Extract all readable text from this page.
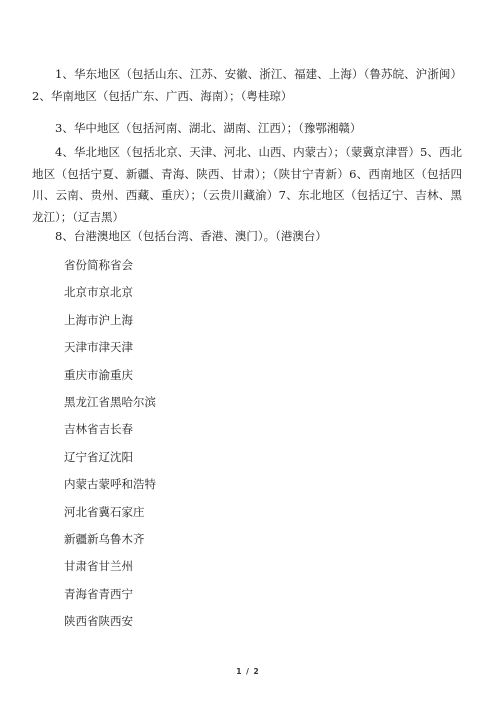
1、华东地区（包括山东、江苏、安徽、浙江、福建、上海）（鲁苏皖、沪浙闽）2、华南地区（包括广东、广西、海南）；（粤桂琼）

3、华中地区（包括河南、湖北、湖南、江西）；（豫鄂湘赣）

4、华北地区（包括北京、天津、河北、山西、内蒙古）；（蒙冀京津晋）5、西北地区（包括宁夏、新疆、青海、陕西、甘肃）；（陕甘宁青新）6、西南地区（包括四川、云南、贵州、西藏、重庆）；（云贵川藏渝）7、东北地区（包括辽宁、吉林、黑龙江）；（辽吉黑）

8、台港澳地区（包括台湾、香港、澳门）。（港澳台）

省份简称省会
北京市京北京
上海市沪上海
天津市津天津
重庆市渝重庆
黑龙江省黑哈尔滨
吉林省吉长春
辽宁省辽沈阳
内蒙古蒙呼和浩特
河北省冀石家庄
新疆新乌鲁木齐
甘肃省甘兰州
青海省青西宁
陕西省陕西安
1 / 2
